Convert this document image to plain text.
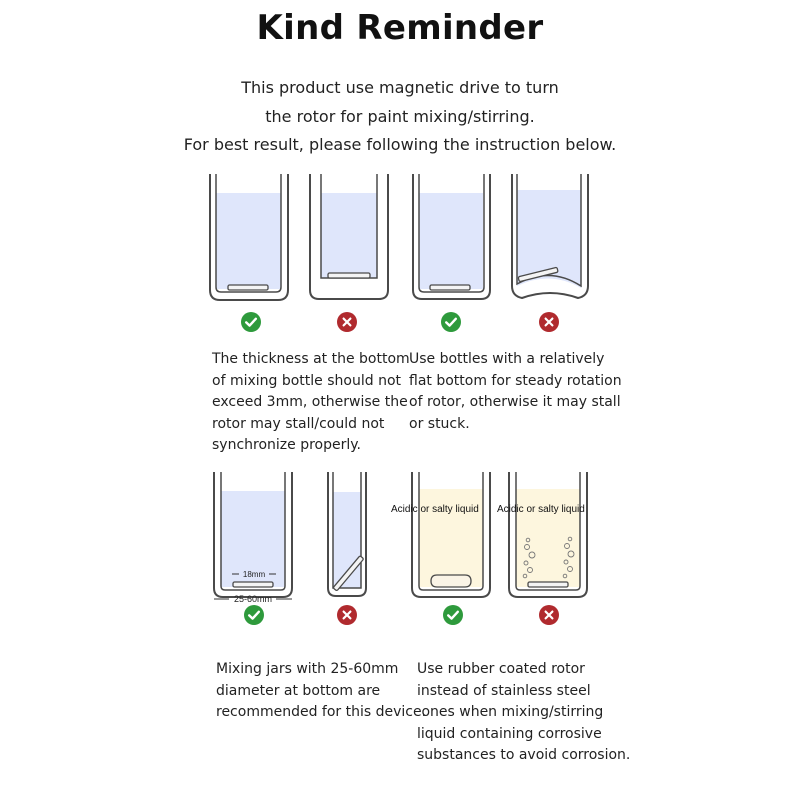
Kind Reminder
This product use magnetic drive to turn
the rotor for paint mixing/stirring.
For best result, please following the instruction below.
18mm
25-60mm
Acidic or salty liquid Acidic or salty liquid
The thickness at the bottom
of mixing bottle should not
exceed 3mm, otherwise the
rotor may stall/could not
synchronize properly.
Use bottles with a relatively
flat bottom for steady rotation
of rotor, otherwise it may stall
or stuck.
Mixing jars with 25-60mm
diameter at bottom are
recommended for this device.
Use rubber coated rotor
instead of stainless steel
ones when mixing/stirring
liquid containing corrosive
substances to avoid corrosion.
